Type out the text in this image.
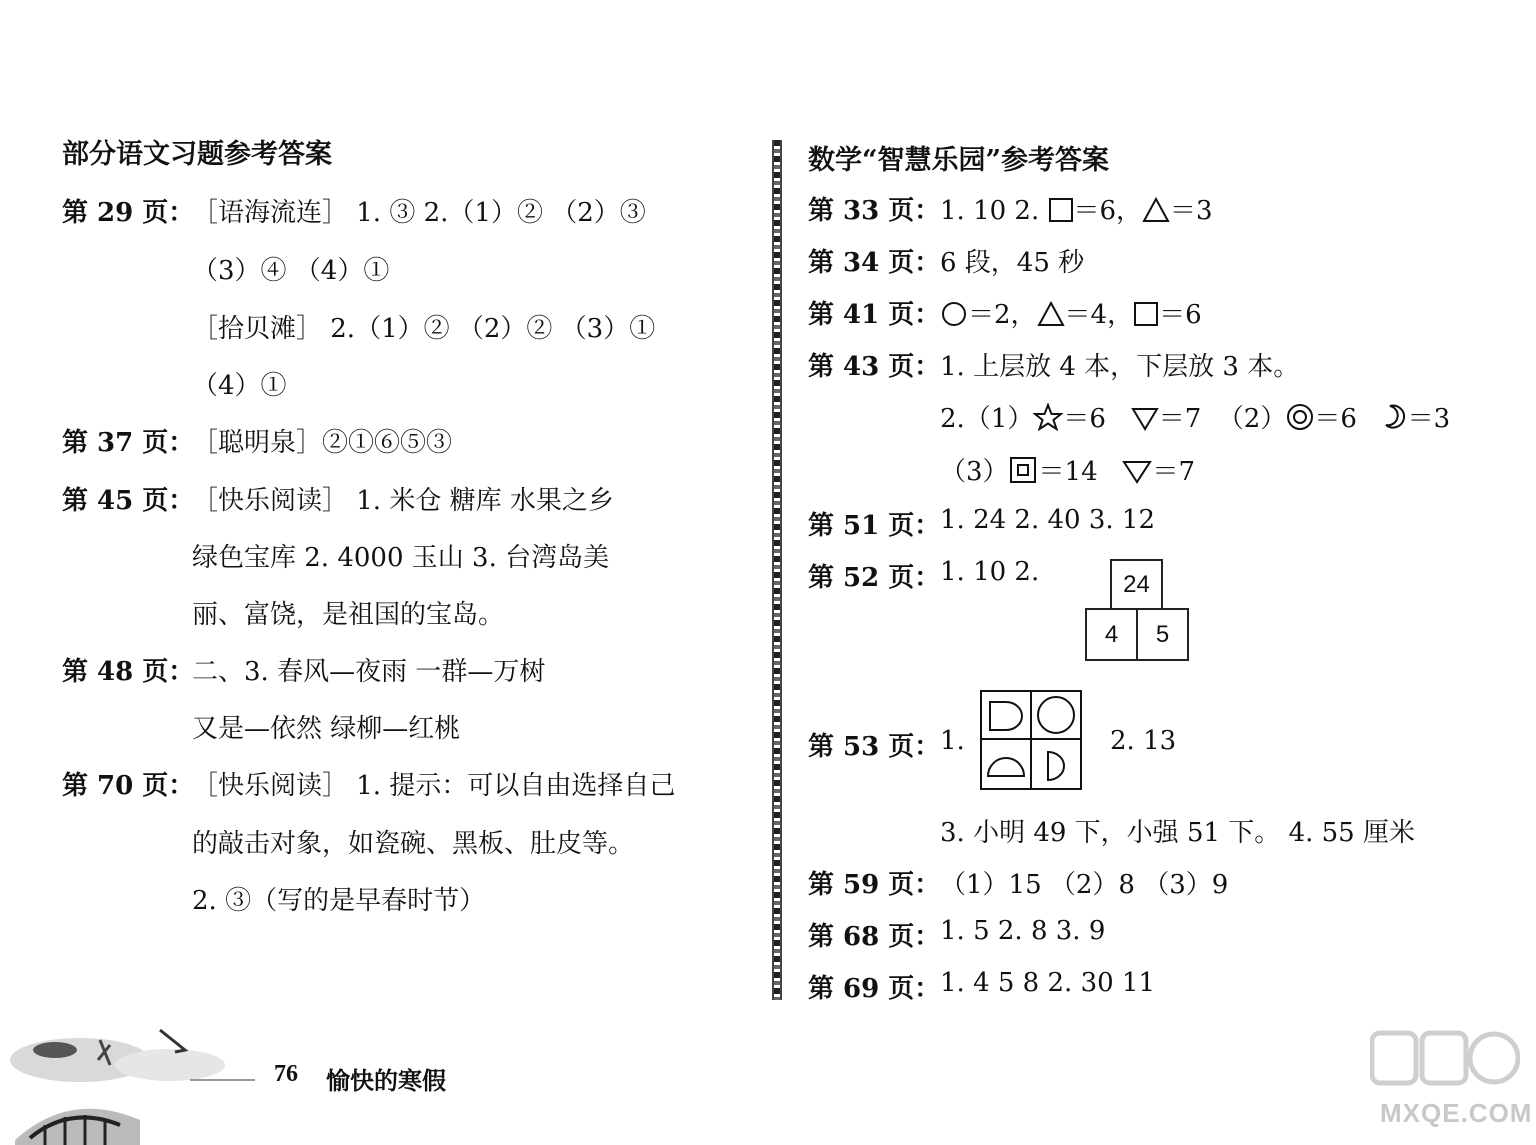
部分语文习题参考答案
第 29 页：
［语海流连］ 1. ③ 2.（1）② （2）③
（3）④ （4）①
［拾贝滩］ 2.（1）② （2）② （3）①
（4）①
第 37 页：
［聪明泉］②①⑥⑤③
第 45 页：
［快乐阅读］ 1. 米仓 糖库 水果之乡
绿色宝库 2. 4000 玉山 3. 台湾岛美
丽、富饶，是祖国的宝岛。
第 48 页：
二、3. 春风—夜雨 一群—万树
又是—依然 绿柳—红桃
第 70 页：
［快乐阅读］ 1. 提示：可以自由选择自己
的敲击对象，如瓷碗、黑板、肚皮等。
2. ③（写的是早春时节）
数学“智慧乐园”参考答案
第 33 页： 1. 10 2. ＝6， ＝3
第 34 页： 6 段，45 秒
第 41 页：	＝2， ＝4， ＝6
第 43 页： 1. 上层放 4 本，下层放 3 本。
2.（1） ＝6 ＝7 （2） ＝6 ＝3
（3） ＝14 ＝7
第 51 页： 1. 24 2. 40 3. 12
第 52 页： 1. 10 2.	24
4	5
第 53 页： 1.	2. 13
3. 小明 49 下，小强 51 下。 4. 55 厘米
第 59 页： （1）15 （2）8 （3）9
第 68 页： 1. 5 2. 8 3. 9
第 69 页： 1. 4 5 8 2. 30 11
76 愉快的寒假
MXQE.COM
